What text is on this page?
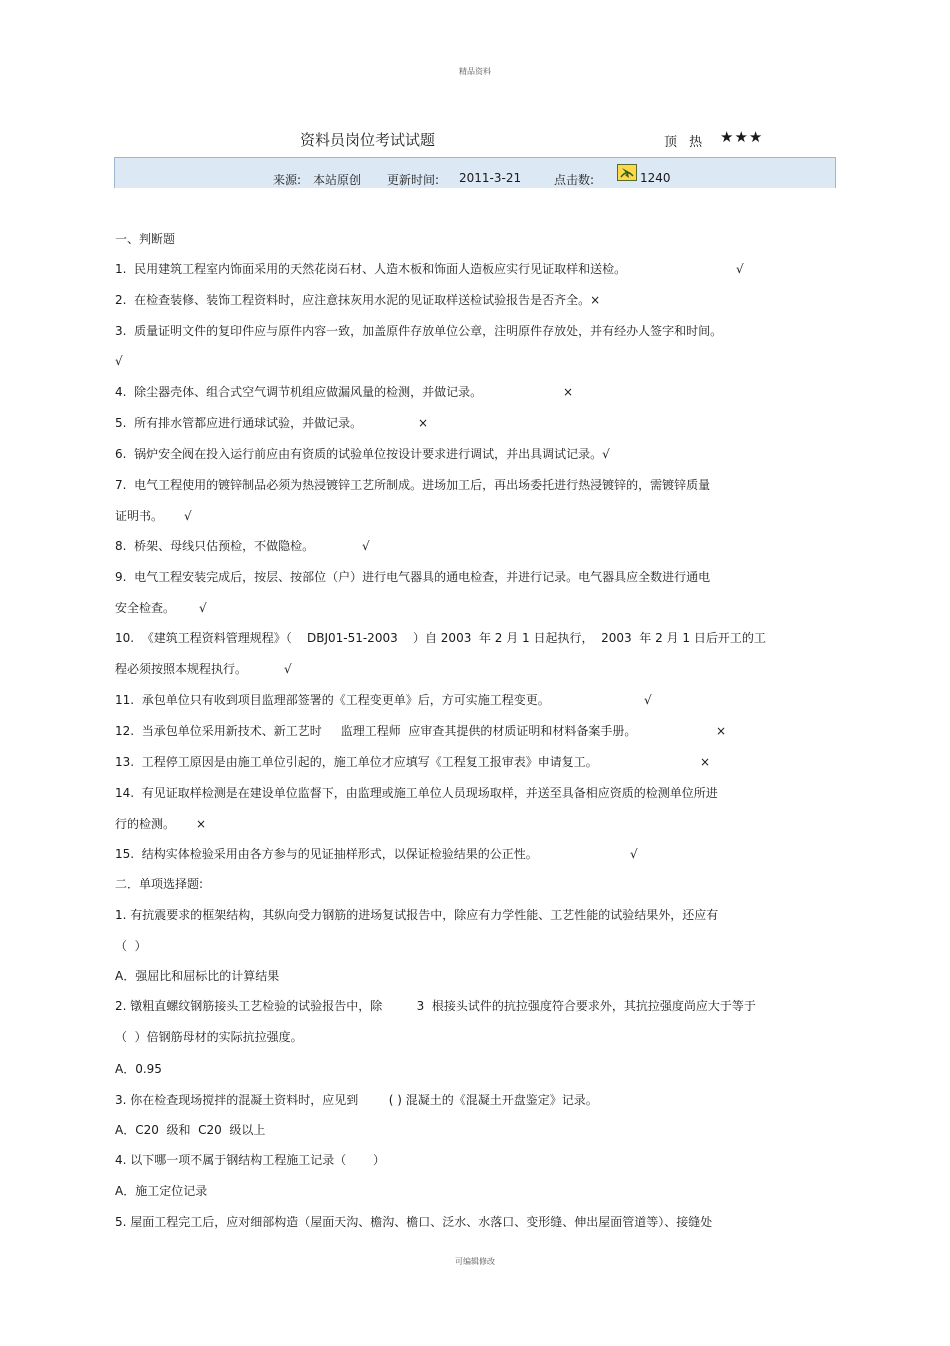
精品资料
资料员岗位考试试题	顶 热 ★★★
来源: 本站原创 更新时间: 2011-3-21	点击数:	1240
一、判断题
1.  民用建筑工程室内饰面采用的天然花岗石材、人造木板和饰面人造板应实行见证取样和送检。	√
2.  在检查装修、装饰工程资料时，应注意抹灰用水泥的见证取样送检试验报告是否齐全。×
3.  质量证明文件的复印件应与原件内容一致，加盖原件存放单位公章，注明原件存放处，并有经办人签字和时间。
√
4.  除尘器壳体、组合式空气调节机组应做漏风量的检测，并做记录。	×
5.  所有排水管都应进行通球试验，并做记录。	×
6.  锅炉安全阀在投入运行前应由有资质的试验单位按设计要求进行调试，并出具调试记录。√
7.  电气工程使用的镀锌制品必须为热浸镀锌工艺所制成。进场加工后，再出场委托进行热浸镀锌的，需镀锌质量
证明书。 √
8.  桥架、母线只估预检，不做隐检。	√
9.  电气工程安装完成后，按层、按部位（户）进行电气器具的通电检查，并进行记录。电气器具应全数进行通电
安全检查。 √
10.  《建筑工程资料管理规程》（    DBJ01-51-2003    ）自 2003  年 2 月 1 日起执行，  2003  年 2 月 1 日后开工的工
程必须按照本规程执行。	√
11.  承包单位只有收到项目监理部签署的《工程变更单》后，方可实施工程变更。	√
12.  当承包单位采用新技术、新工艺时     监理工程师  应审查其提供的材质证明和材料备案手册。	×
13.  工程停工原因是由施工单位引起的，施工单位才应填写《工程复工报审表》申请复工。	×
14.  有见证取样检测是在建设单位监督下，由监理或施工单位人员现场取样，并送至具备相应资质的检测单位所进
行的检测。 ×
15.  结构实体检验采用由各方参与的见证抽样形式，以保证检验结果的公正性。	√
二．单项选择题:
1. 有抗震要求的框架结构，其纵向受力钢筋的进场复试报告中，除应有力学性能、工艺性能的试验结果外，还应有
（  ）
A．强屈比和屈标比的计算结果
2. 镦粗直螺纹钢筋接头工艺检验的试验报告中，除         3  根接头试件的抗拉强度符合要求外，其抗拉强度尚应大于等于
（  ）倍钢筋母材的实际抗拉强度。
A．0.95
3. 你在检查现场搅拌的混凝土资料时，应见到        ( ) 混凝土的《混凝土开盘鉴定》记录。
A．C20  级和  C20  级以上
4. 以下哪一项不属于钢结构工程施工记录（       ）
A．施工定位记录
5. 屋面工程完工后，应对细部构造（屋面天沟、檐沟、檐口、泛水、水落口、变形缝、伸出屋面管道等）、接缝处
可编辑修改
